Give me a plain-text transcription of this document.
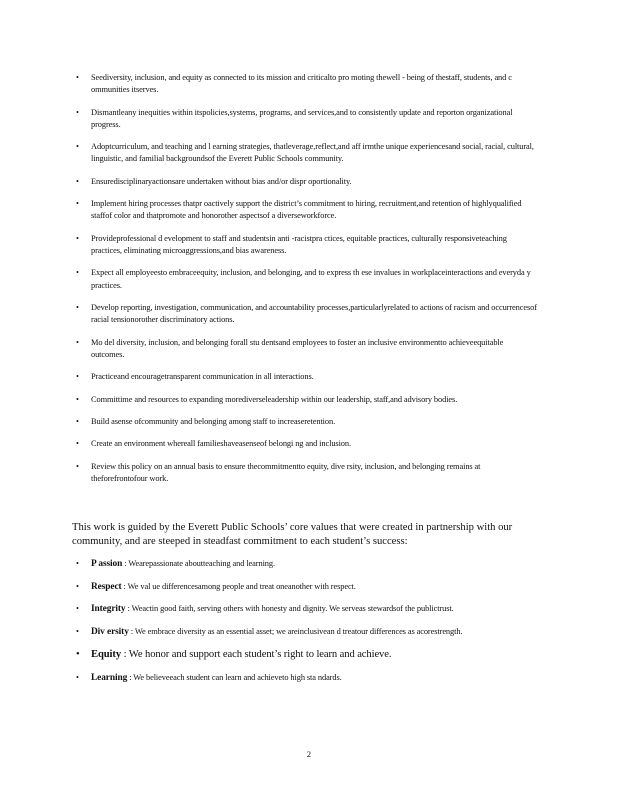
• Seediversity, inclusion, and equity as connected to its mission and criticalto pro moting thewell - being of thestaff, students, and c ommunities itserves.
• Dismantleany inequities within itspolicies,systems, programs, and services,and to consistently update and reporton organizational progress.
• Adoptcurriculum, and teaching and l earning strategies, thatleverage,reflect,and aff irmthe unique experiencesand social, racial, cultural, linguistic, and familial backgroundsof the Everett Public Schools community.
• Ensuredisciplinaryactionsare undertaken without bias and/or dispr oportionality.
• Implement hiring processes thatpr oactively support the district’s commitment to hiring, recruitment,and retention of highlyqualified staffof color and thatpromote and honorother aspectsof a diverseworkforce.
• Provideprofessional d evelopment to staff and studentsin anti -racistpra ctices, equitable practices, culturally responsiveteaching practices, eliminating microaggressions,and bias awareness.
• Expect all employeesto embraceequity, inclusion, and belonging, and to express th ese invalues in workplaceinteractions and everyda y practices.
• Develop reporting, investigation, communication, and accountability processes,particularlyrelated to actions of racism and occurrencesof racial tensionorother discriminatory actions.
• Mo del diversity, inclusion, and belonging forall stu dentsand employees to foster an inclusive environmentto achieveequitable outcomes.
• Practiceand encouragetransparent communication in all interactions.
• Committime and resources to expanding morediverseleadership within our leadership, staff,and advisory bodies.
• Build asense ofcommunity and belonging among staff to increaseretention.
• Create an environment whereall familieshaveasenseof belongi ng and inclusion.
• Review this policy on an annual basis to ensure thecommitmentto equity, dive rsity, inclusion, and belonging remains at theforefrontofour work.

This work is guided by the Everett Public Schools’ core values that were created in partnership with our community, and are steeped in steadfast commitment to each student’s success:

• P assion : Wearepassionate aboutteaching and learning.
• Respect : We val ue differencesamong people and treat oneanother with respect.
• Integrity : Weactin good faith, serving others with honesty and dignity. We serveas stewardsof the publictrust.
• Div ersity : We embrace diversity as an essential asset; we areinclusivean d treatour differences as acorestrength.
• Equity : We honor and support each student’s right to learn and achieve.
• Learning : We believeeach student can learn and achieveto high sta ndards.
2
